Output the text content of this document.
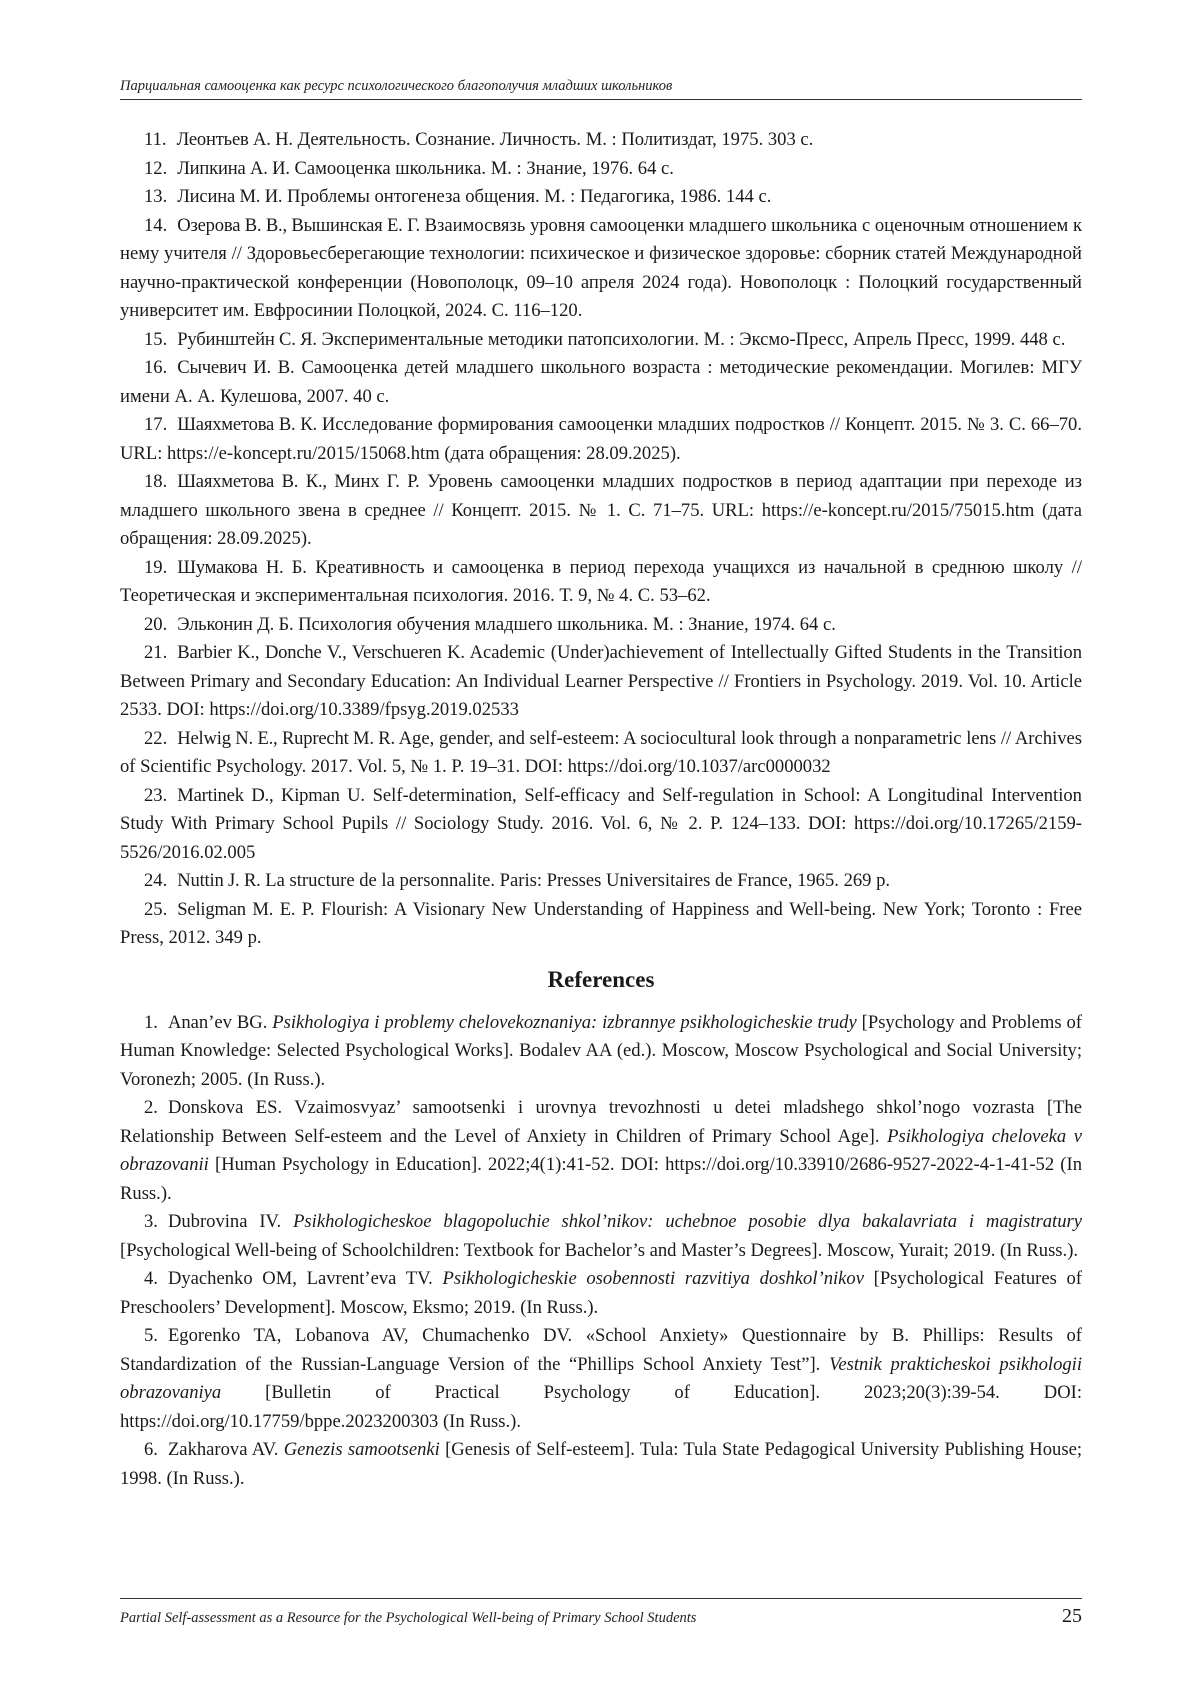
Парциальная самооценка как ресурс психологического благополучия младших школьников

11. Леонтьев А. Н. Деятельность. Сознание. Личность. М. : Политиздат, 1975. 303 с.

12. Липкина А. И. Самооценка школьника. М. : Знание, 1976. 64 с.

13. Лисина М. И. Проблемы онтогенеза общения. М. : Педагогика, 1986. 144 с.

14. Озерова В. В., Вышинская Е. Г. Взаимосвязь уровня самооценки младшего школьника с оценочным отношением к нему учителя // Здоровьесберегающие технологии: психическое и физическое здоровье: сборник статей Международной научно-практической конференции (Новополоцк, 09–10 апреля 2024 года). Новополоцк : Полоцкий государственный университет им. Евфросинии Полоцкой, 2024. С. 116–120.

15. Рубинштейн С. Я. Экспериментальные методики патопсихологии. М. : Эксмо-Пресс, Апрель Пресс, 1999. 448 с.

16. Сычевич И. В. Самооценка детей младшего школьного возраста : методические рекомендации. Могилев: МГУ имени А. А. Кулешова, 2007. 40 с.

17. Шаяхметова В. К. Исследование формирования самооценки младших подростков // Концепт. 2015. № 3. С. 66–70. URL: https://e-koncept.ru/2015/15068.htm (дата обращения: 28.09.2025).

18. Шаяхметова В. К., Минх Г. Р. Уровень самооценки младших подростков в период адаптации при переходе из младшего школьного звена в среднее // Концепт. 2015. № 1. С. 71–75. URL: https://e-koncept.ru/2015/75015.htm (дата обращения: 28.09.2025).

19. Шумакова Н. Б. Креативность и самооценка в период перехода учащихся из начальной в среднюю школу // Теоретическая и экспериментальная психология. 2016. Т. 9, № 4. С. 53–62.

20. Эльконин Д. Б. Психология обучения младшего школьника. М. : Знание, 1974. 64 с.

21. Barbier K., Donche V., Verschueren K. Academic (Under)achievement of Intellectually Gifted Students in the Transition Between Primary and Secondary Education: An Individual Learner Perspective // Frontiers in Psychology. 2019. Vol. 10. Article 2533. DOI: https://doi.org/10.3389/fpsyg.2019.02533

22. Helwig N. E., Ruprecht M. R. Age, gender, and self-esteem: A sociocultural look through a nonparametric lens // Archives of Scientific Psychology. 2017. Vol. 5, № 1. P. 19–31. DOI: https://doi.org/10.1037/arc0000032

23. Martinek D., Kipman U. Self-determination, Self-efficacy and Self-regulation in School: A Longitudinal Intervention Study With Primary School Pupils // Sociology Study. 2016. Vol. 6, № 2. P. 124–133. DOI: https://doi.org/10.17265/2159-5526/2016.02.005

24. Nuttin J. R. La structure de la personnalite. Paris: Presses Universitaires de France, 1965. 269 p.

25. Seligman M. E. P. Flourish: A Visionary New Understanding of Happiness and Well-being. New York; Toronto : Free Press, 2012. 349 p.

References

1. Anan’ev BG. Psikhologiya i problemy chelovekoznaniya: izbrannye psikhologicheskie trudy [Psychology and Problems of Human Knowledge: Selected Psychological Works]. Bodalev AA (ed.). Moscow, Moscow Psychological and Social University; Voronezh; 2005. (In Russ.).

2. Donskova ES. Vzaimosvyaz’ samootsenki i urovnya trevozhnosti u detei mladshego shkol’nogo vozrasta [The Relationship Between Self-esteem and the Level of Anxiety in Children of Primary School Age]. Psikhologiya cheloveka v obrazovanii [Human Psychology in Education]. 2022;4(1):41-52. DOI: https://doi.org/10.33910/2686-9527-2022-4-1-41-52 (In Russ.).

3. Dubrovina IV. Psikhologicheskoe blagopoluchie shkol’nikov: uchebnoe posobie dlya bakalavriata i magistratury [Psychological Well-being of Schoolchildren: Textbook for Bachelor’s and Master’s Degrees]. Moscow, Yurait; 2019. (In Russ.).

4. Dyachenko OM, Lavrent’eva TV. Psikhologicheskie osobennosti razvitiya doshkol’nikov [Psychological Features of Preschoolers’ Development]. Moscow, Eksmo; 2019. (In Russ.).

5. Egorenko TA, Lobanova AV, Chumachenko DV. «School Anxiety» Questionnaire by B. Phillips: Results of Standardization of the Russian-Language Version of the “Phillips School Anxiety Test”]. Vestnik prakticheskoi psikhologii obrazovaniya [Bulletin of Practical Psychology of Education]. 2023;20(3):39-54. DOI: https://doi.org/10.17759/bppe.2023200303 (In Russ.).

6. Zakharova AV. Genezis samootsenki [Genesis of Self-esteem]. Tula: Tula State Pedagogical University Publishing House; 1998. (In Russ.).

Partial Self-assessment as a Resource for the Psychological Well-being of Primary School Students	25
